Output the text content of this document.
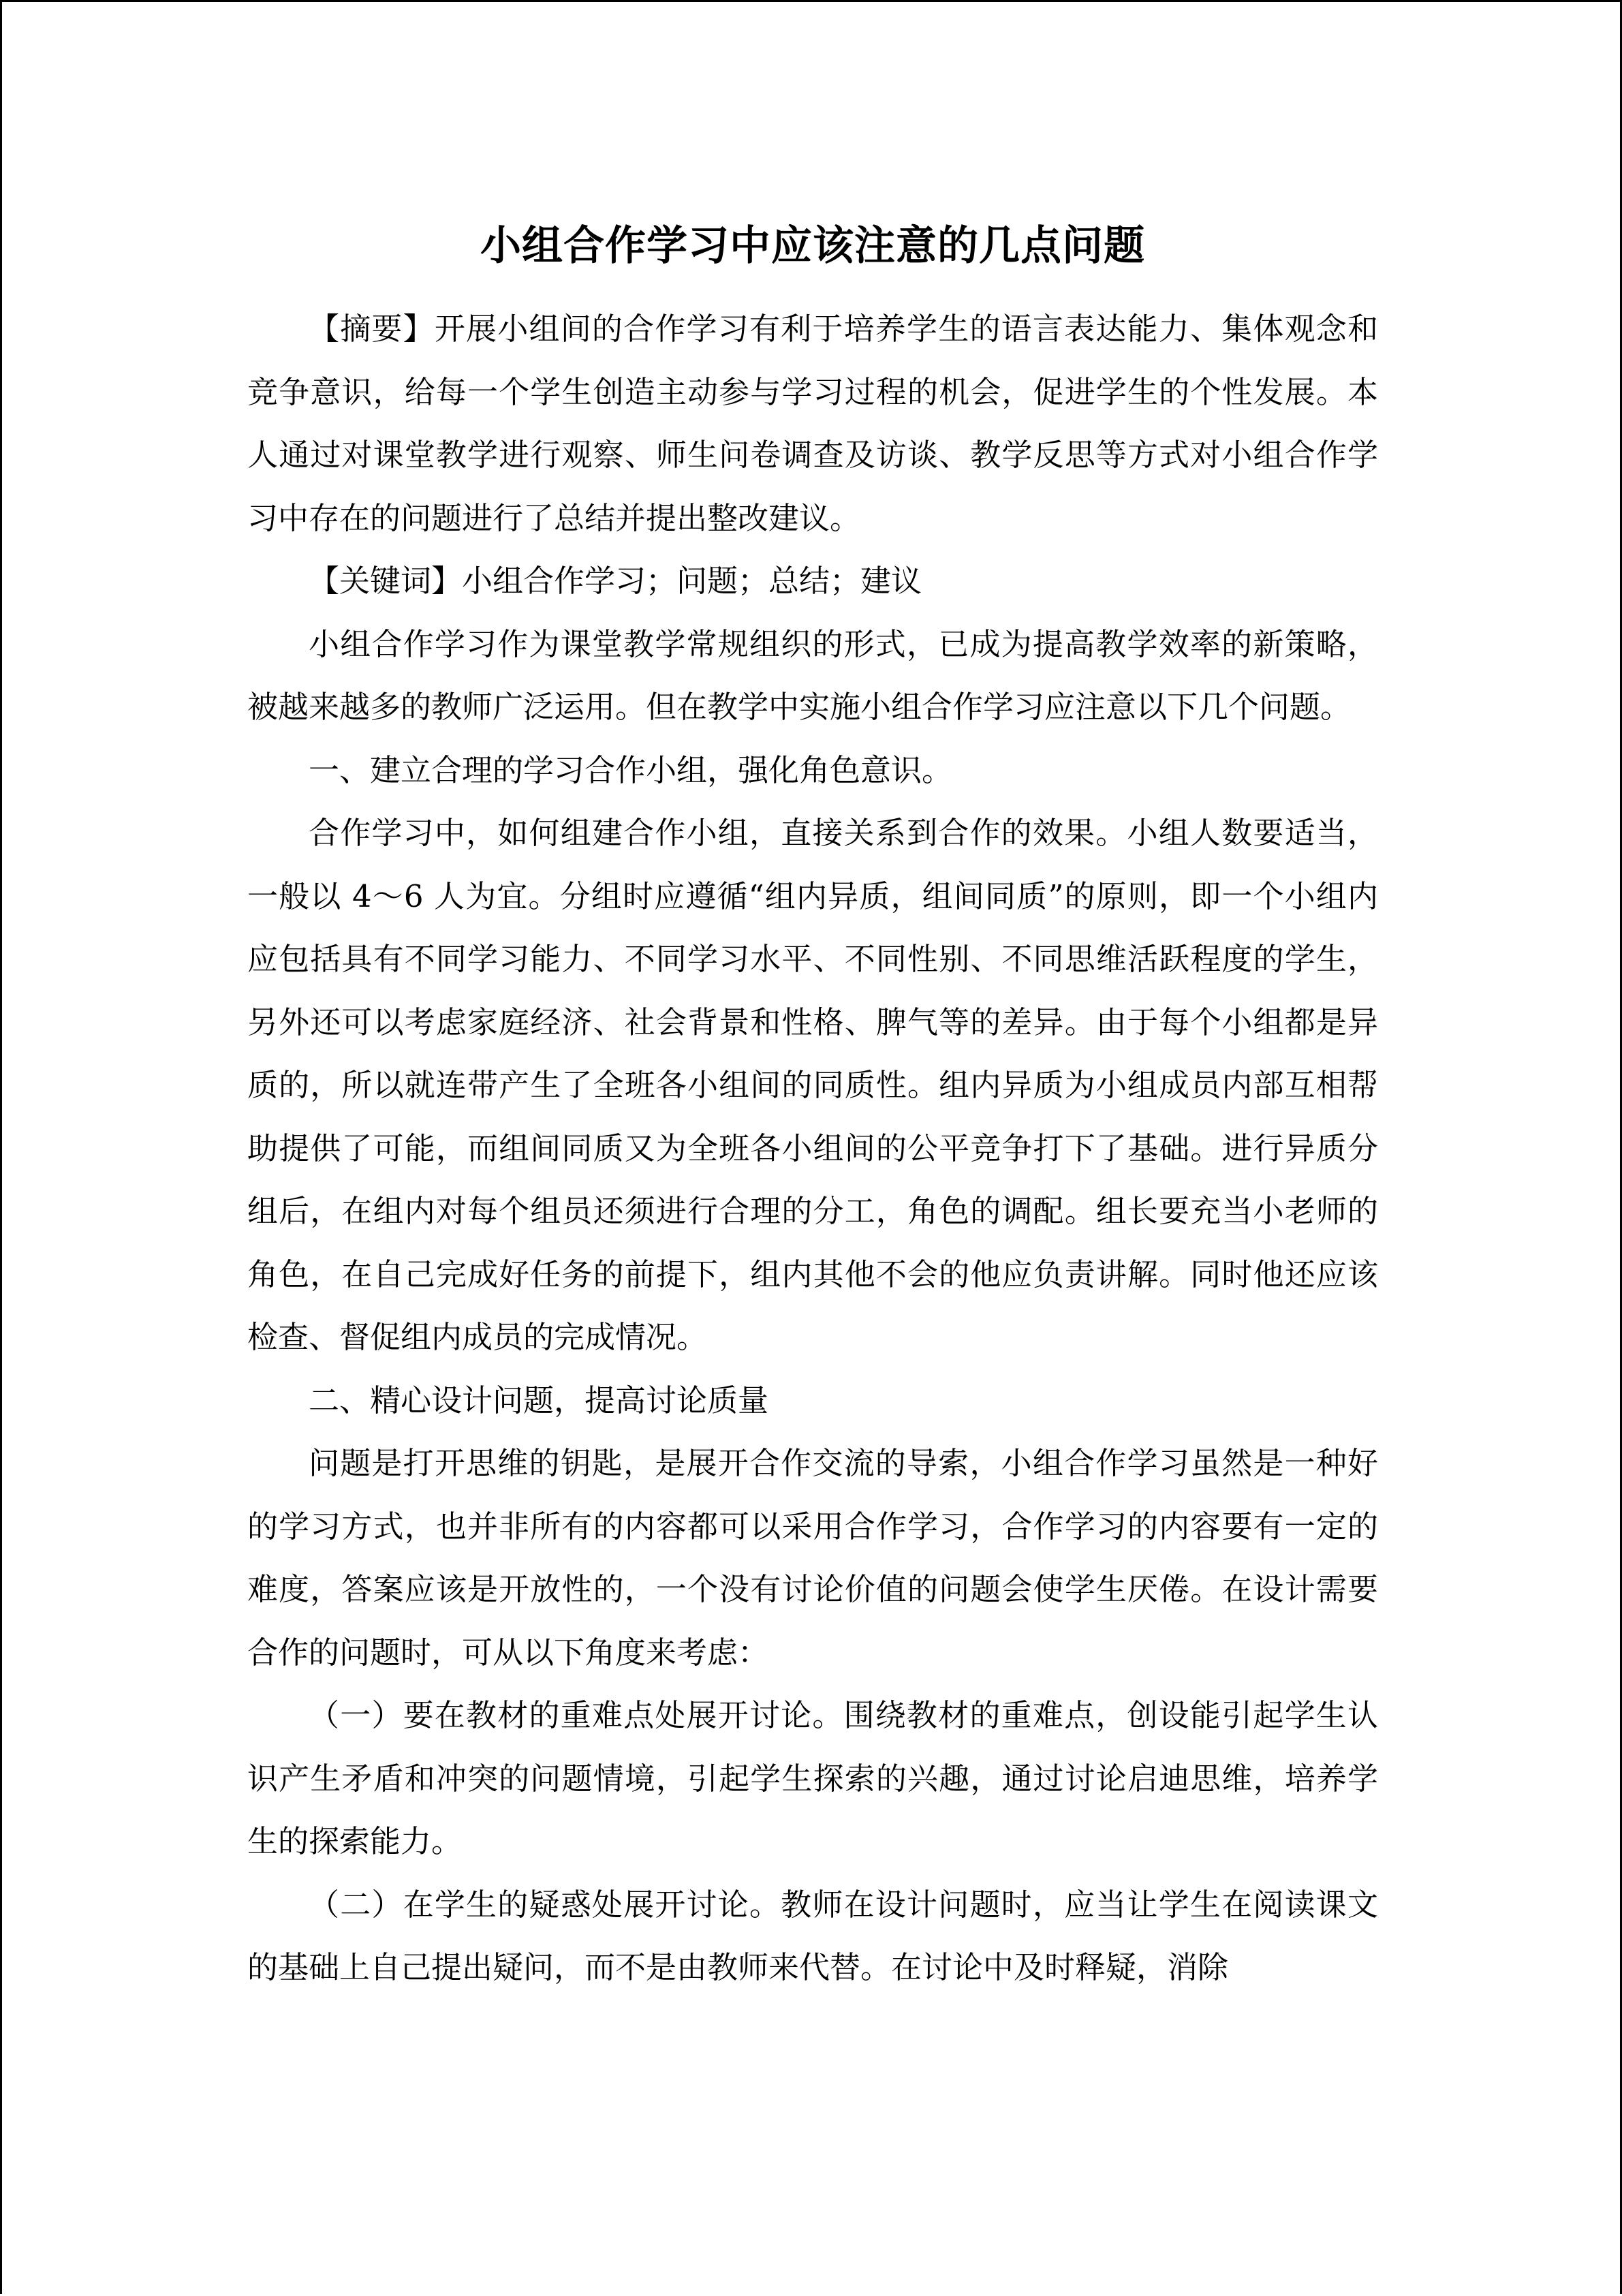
小组合作学习中应该注意的几点问题

【摘要】开展小组间的合作学习有利于培养学生的语言表达能力、集体观念和竞争意识，给每一个学生创造主动参与学习过程的机会，促进学生的个性发展。本人通过对课堂教学进行观察、师生问卷调查及访谈、教学反思等方式对小组合作学习中存在的问题进行了总结并提出整改建议。

【关键词】小组合作学习；问题；总结；建议

小组合作学习作为课堂教学常规组织的形式，已成为提高教学效率的新策略，被越来越多的教师广泛运用。但在教学中实施小组合作学习应注意以下几个问题。

一、建立合理的学习合作小组，强化角色意识。

合作学习中，如何组建合作小组，直接关系到合作的效果。小组人数要适当，一般以 4～6 人为宜。分组时应遵循“组内异质，组间同质”的原则，即一个小组内应包括具有不同学习能力、不同学习水平、不同性别、不同思维活跃程度的学生，另外还可以考虑家庭经济、社会背景和性格、脾气等的差异。由于每个小组都是异质的，所以就连带产生了全班各小组间的同质性。组内异质为小组成员内部互相帮助提供了可能，而组间同质又为全班各小组间的公平竞争打下了基础。进行异质分组后，在组内对每个组员还须进行合理的分工，角色的调配。组长要充当小老师的角色，在自己完成好任务的前提下，组内其他不会的他应负责讲解。同时他还应该检查、督促组内成员的完成情况。

二、精心设计问题，提高讨论质量

问题是打开思维的钥匙，是展开合作交流的导索，小组合作学习虽然是一种好的学习方式，也并非所有的内容都可以采用合作学习，合作学习的内容要有一定的难度，答案应该是开放性的，一个没有讨论价值的问题会使学生厌倦。在设计需要合作的问题时，可从以下角度来考虑：

（一）要在教材的重难点处展开讨论。围绕教材的重难点，创设能引起学生认识产生矛盾和冲突的问题情境，引起学生探索的兴趣，通过讨论启迪思维，培养学生的探索能力。

（二）在学生的疑惑处展开讨论。教师在设计问题时，应当让学生在阅读课文的基础上自己提出疑问，而不是由教师来代替。在讨论中及时释疑，消除
